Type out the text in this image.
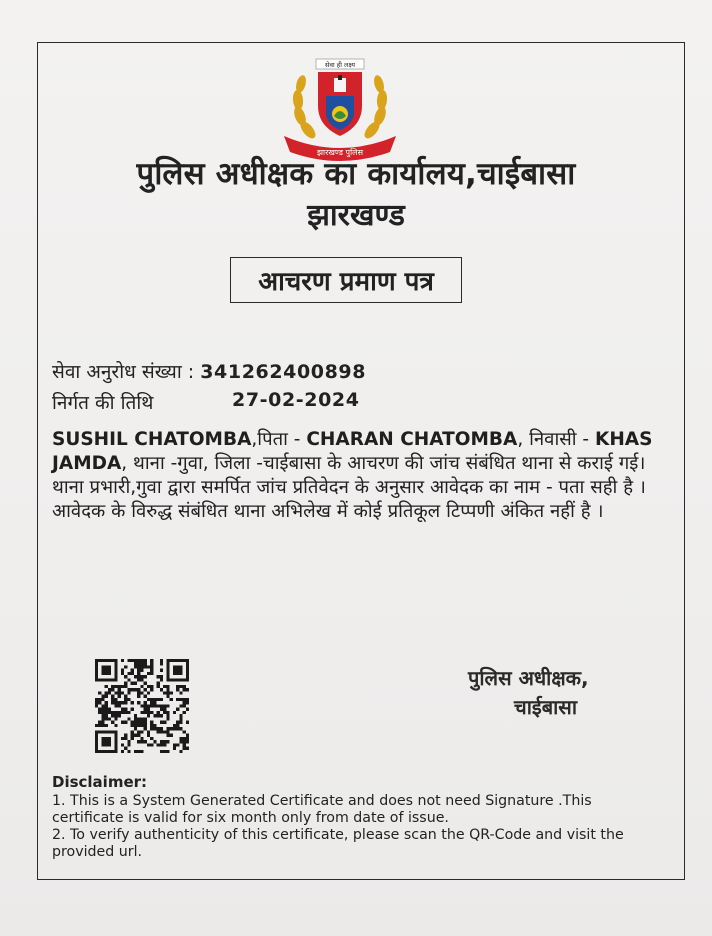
सेवा ही लक्ष्य
झारखण्ड पुलिस
पुलिस अधीक्षक का कार्यालय,चाईबासा
झारखण्ड
आचरण प्रमाण पत्र
सेवा अनुरोध संख्या : 341262400898
निर्गत की तिथि	27-02-2024
SUSHIL CHATOMBA,पिता - CHARAN CHATOMBA, निवासी - KHAS JAMDA, थाना -गुवा, जिला -चाईबासा के आचरण की जांच संबंधित थाना से कराई गई। थाना प्रभारी,गुवा द्वारा समर्पित जांच प्रतिवेदन के अनुसार आवेदक का नाम - पता सही है । आवेदक के विरुद्ध संबंधित थाना अभिलेख में कोई प्रतिकूल टिप्पणी अंकित नहीं है ।
पुलिस अधीक्षक,
चाईबासा
Disclaimer:

1. This is a System Generated Certificate and does not need Signature .This certificate is valid for six month only from date of issue.

2. To verify authenticity of this certificate, please scan the QR-Code and visit the provided url.
